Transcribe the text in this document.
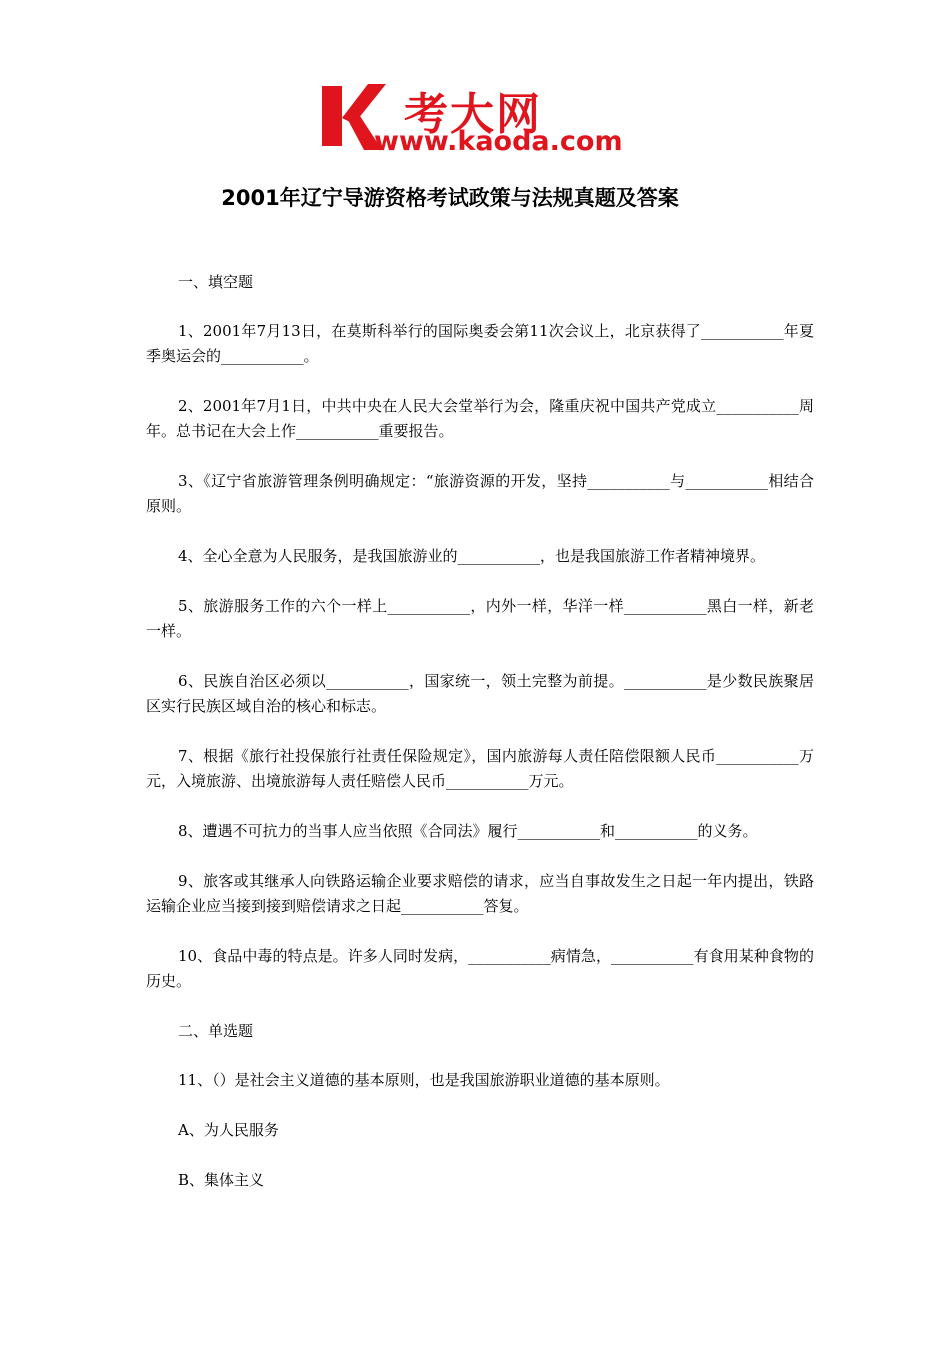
考大网
www.kaoda.com
2001年辽宁导游资格考试政策与法规真题及答案

一、填空题

1、2001年7月13日，在莫斯科举行的国际奥委会第11次会议上，北京获得了___________年夏季奥运会的___________。

2、2001年7月1日，中共中央在人民大会堂举行为会，隆重庆祝中国共产党成立___________周年。总书记在大会上作___________重要报告。

3、《辽宁省旅游管理条例明确规定：“旅游资源的开发，坚持___________与___________相结合原则。

4、全心全意为人民服务，是我国旅游业的___________，也是我国旅游工作者精神境界。

5、旅游服务工作的六个一样上___________，内外一样，华洋一样___________黑白一样，新老一样。

6、民族自治区必须以___________，国家统一，领土完整为前提。___________是少数民族聚居区实行民族区域自治的核心和标志。

7、根据《旅行社投保旅行社责任保险规定》，国内旅游每人责任陪偿限额人民币___________万元，入境旅游、出境旅游每人责任赔偿人民币___________万元。

8、遭遇不可抗力的当事人应当依照《合同法》履行___________和___________的义务。

9、旅客或其继承人向铁路运输企业要求赔偿的请求，应当自事故发生之日起一年内提出，铁路运输企业应当接到接到赔偿请求之日起___________答复。

10、食品中毒的特点是。许多人同时发病，___________病情急，___________有食用某种食物的历史。

二、单选题

11、（）是社会主义道德的基本原则，也是我国旅游职业道德的基本原则。

A、为人民服务

B、集体主义
